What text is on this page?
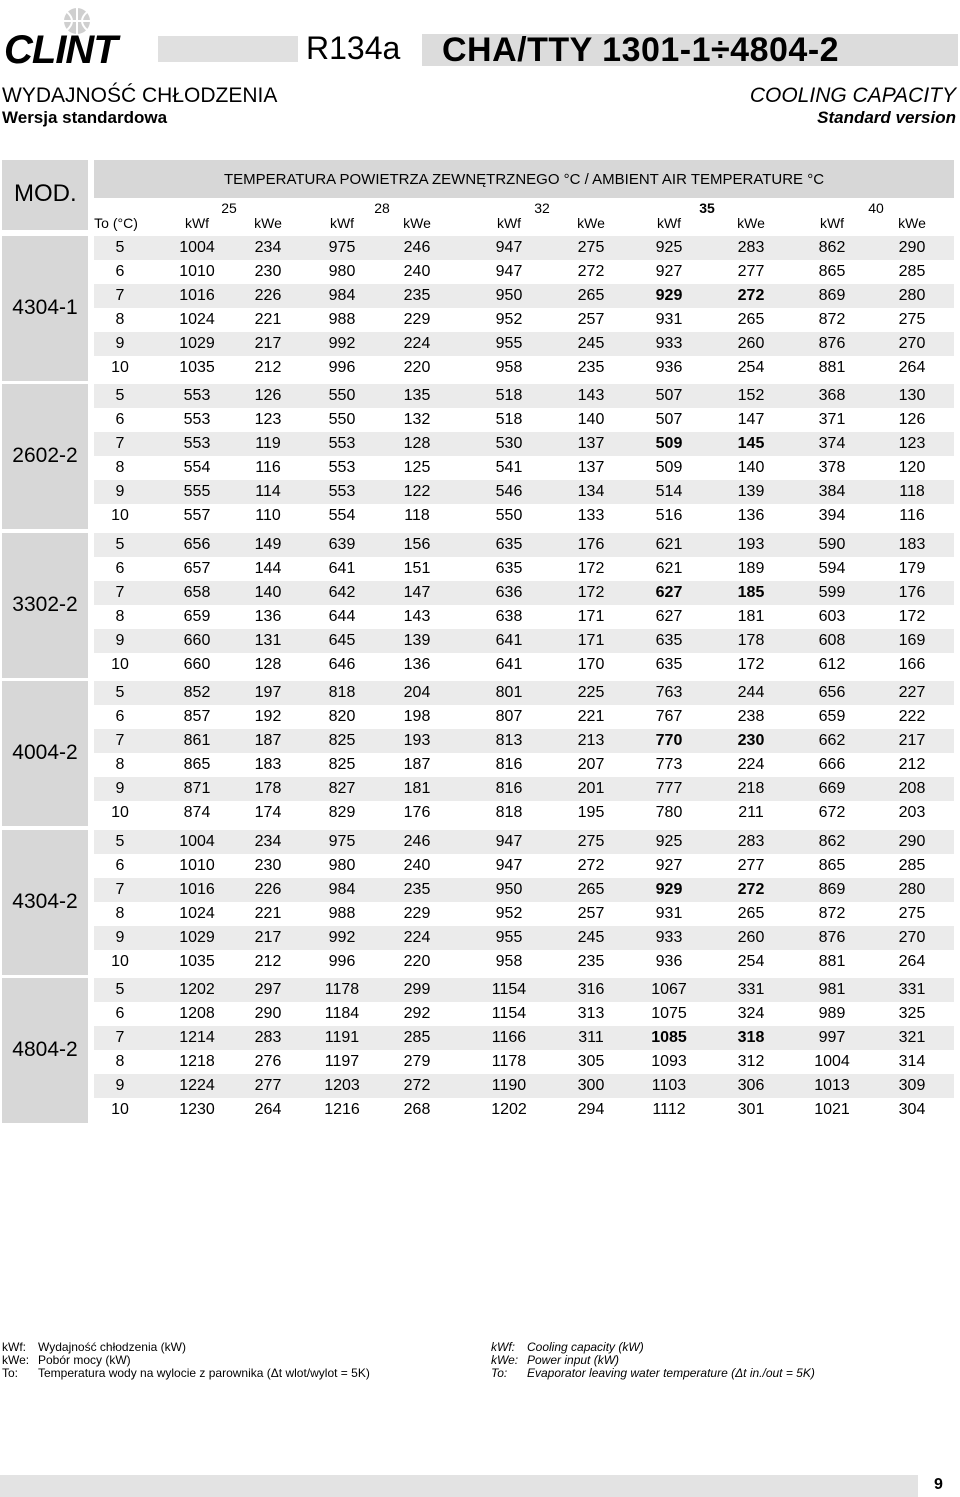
CLINT	R134a CHA/TTY 1301-1÷4804-2
WYDAJNOŚĆ CHŁODZENIA
Wersja standardowa
COOLING CAPACITY
Standard version
MOD.
TEMPERATURA POWIETRZA ZEWNĘTRZNEGO °C / AMBIENT AIR TEMPERATURE °C
25	28	32	35	40
To (°C)	kWf	kWe	kWf	kWe	kWf	kWe	kWf	kWe	kWf	kWe
4304-1
5	1004	234	975	246	947	275	925	283	862	290
6	1010	230	980	240	947	272	927	277	865	285
7	1016	226	984	235	950	265	929	272	869	280
8	1024	221	988	229	952	257	931	265	872	275
9	1029	217	992	224	955	245	933	260	876	270
10	1035	212	996	220	958	235	936	254	881	264
2602-2
5	553	126	550	135	518	143	507	152	368	130
6	553	123	550	132	518	140	507	147	371	126
7	553	119	553	128	530	137	509	145	374	123
8	554	116	553	125	541	137	509	140	378	120
9	555	114	553	122	546	134	514	139	384	118
10	557	110	554	118	550	133	516	136	394	116
3302-2
5	656	149	639	156	635	176	621	193	590	183
6	657	144	641	151	635	172	621	189	594	179
7	658	140	642	147	636	172	627	185	599	176
8	659	136	644	143	638	171	627	181	603	172
9	660	131	645	139	641	171	635	178	608	169
10	660	128	646	136	641	170	635	172	612	166
4004-2
5	852	197	818	204	801	225	763	244	656	227
6	857	192	820	198	807	221	767	238	659	222
7	861	187	825	193	813	213	770	230	662	217
8	865	183	825	187	816	207	773	224	666	212
9	871	178	827	181	816	201	777	218	669	208
10	874	174	829	176	818	195	780	211	672	203
4304-2
5	1004	234	975	246	947	275	925	283	862	290
6	1010	230	980	240	947	272	927	277	865	285
7	1016	226	984	235	950	265	929	272	869	280
8	1024	221	988	229	952	257	931	265	872	275
9	1029	217	992	224	955	245	933	260	876	270
10	1035	212	996	220	958	235	936	254	881	264
4804-2
5	1202	297	1178	299	1154	316	1067	331	981	331
6	1208	290	1184	292	1154	313	1075	324	989	325
7	1214	283	1191	285	1166	311	1085	318	997	321
8	1218	276	1197	279	1178	305	1093	312	1004	314
9	1224	277	1203	272	1190	300	1103	306	1013	309
10	1230	264	1216	268	1202	294	1112	301	1021	304
kWf: Wydajność chłodzenia (kW)
kWe: Pobór mocy (kW)
To: Temperatura wody na wylocie z parownika (Δt wlot/wylot = 5K)
kWf: Cooling capacity (kW)
kWe: Power input (kW)
To: Evaporator leaving water temperature (Δt in./out = 5K)
9
